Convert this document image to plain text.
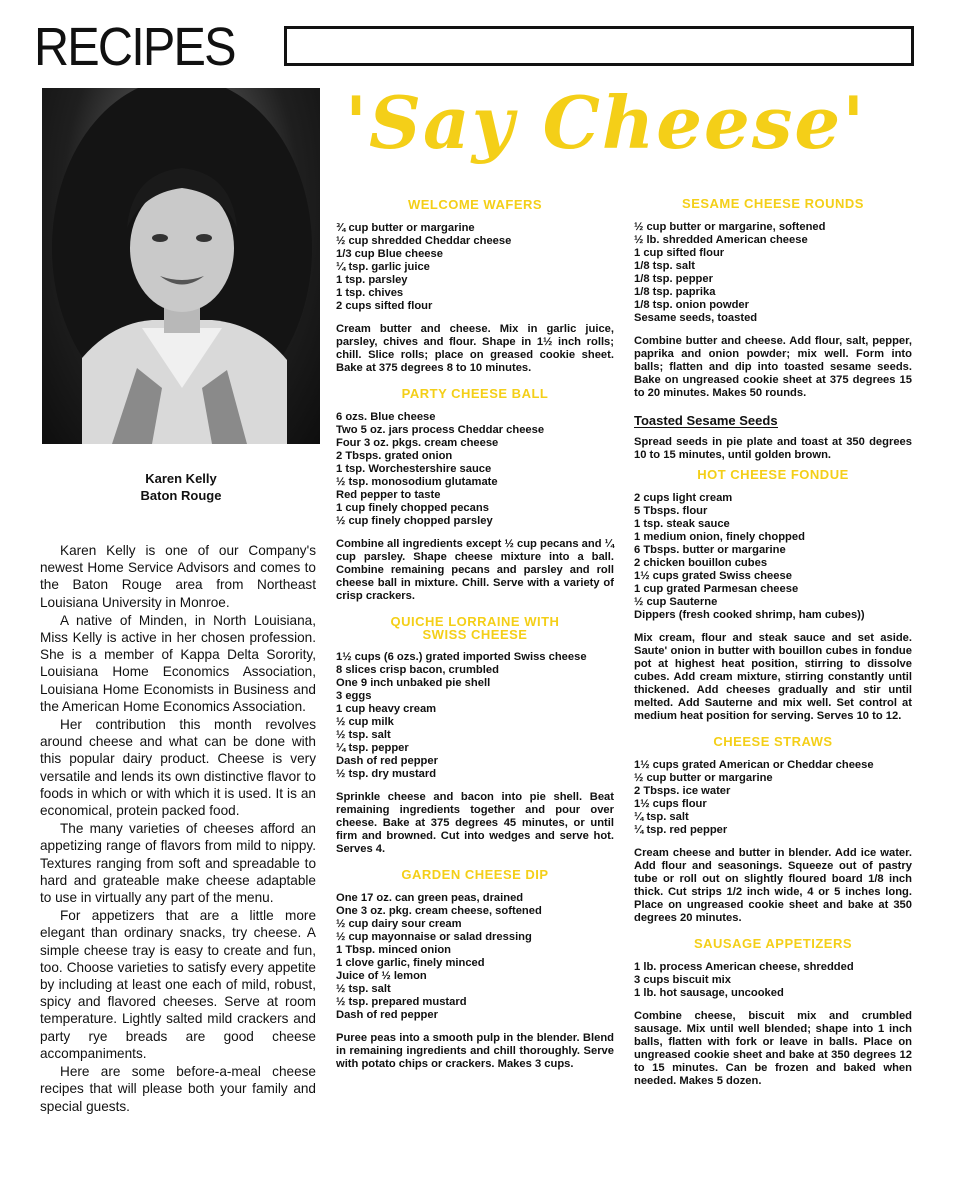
RECIPES
Karen Kelly
Baton Rouge

Karen Kelly is one of our Company's newest Home Service Advisors and comes to the Baton Rouge area from Northeast Louisiana University in Monroe.

A native of Minden, in North Louisiana, Miss Kelly is active in her chosen profession. She is a member of Kappa Delta Sorority, Louisiana Home Economics Association, Louisiana Home Economists in Business and the American Home Economics Association.

Her contribution this month revolves around cheese and what can be done with this popular dairy product. Cheese is very versatile and lends its own distinctive flavor to foods in which or with which it is used. It is an economical, protein packed food.

The many varieties of cheeses afford an appetizing range of flavors from mild to nippy. Textures ranging from soft and spreadable to hard and grateable make cheese adaptable to use in virtually any part of the menu.

For appetizers that are a little more elegant than ordinary snacks, try cheese. A simple cheese tray is easy to create and fun, too. Choose varieties to satisfy every appetite by including at least one each of mild, robust, spicy and flavored cheeses. Serve at room temperature. Lightly salted mild crackers and party rye breads are good cheese accompaniments.

Here are some before-a-meal cheese recipes that will please both your family and special guests.

'Say Cheese'
WELCOME WAFERS
¾ cup butter or margarine
½ cup shredded Cheddar cheese
1/3 cup Blue cheese
¼ tsp. garlic juice
1 tsp. parsley
1 tsp. chives
2 cups sifted flour
Cream butter and cheese. Mix in garlic juice, parsley, chives and flour. Shape in 1½ inch rolls; chill. Slice rolls; place on greased cookie sheet. Bake at 375 degrees 8 to 10 minutes.
PARTY CHEESE BALL
6 ozs. Blue cheese
Two 5 oz. jars process Cheddar cheese
Four 3 oz. pkgs. cream cheese
2 Tbsps. grated onion
1 tsp. Worchestershire sauce
½ tsp. monosodium glutamate
Red pepper to taste
1 cup finely chopped pecans
½ cup finely chopped parsley
Combine all ingredients except ½ cup pecans and ¼ cup parsley. Shape cheese mixture into a ball. Combine remaining pecans and parsley and roll cheese ball in mixture. Chill. Serve with a variety of crisp crackers.
QUICHE LORRAINE WITH SWISS CHEESE
1½ cups (6 ozs.) grated imported Swiss cheese
8 slices crisp bacon, crumbled
One 9 inch unbaked pie shell
3 eggs
1 cup heavy cream
½ cup milk
½ tsp. salt
¼ tsp. pepper
Dash of red pepper
½ tsp. dry mustard
Sprinkle cheese and bacon into pie shell. Beat remaining ingredients together and pour over cheese. Bake at 375 degrees 45 minutes, or until firm and browned. Cut into wedges and serve hot. Serves 4.
GARDEN CHEESE DIP
One 17 oz. can green peas, drained
One 3 oz. pkg. cream cheese, softened
½ cup dairy sour cream
½ cup mayonnaise or salad dressing
1 Tbsp. minced onion
1 clove garlic, finely minced
Juice of ½ lemon
½ tsp. salt
½ tsp. prepared mustard
Dash of red pepper
Puree peas into a smooth pulp in the blender. Blend in remaining ingredients and chill thoroughly. Serve with potato chips or crackers. Makes 3 cups.
SESAME CHEESE ROUNDS
½ cup butter or margarine, softened
½ lb. shredded American cheese
1 cup sifted flour
1/8 tsp. salt
1/8 tsp. pepper
1/8 tsp. paprika
1/8 tsp. onion powder
Sesame seeds, toasted
Combine butter and cheese. Add flour, salt, pepper, paprika and onion powder; mix well. Form into balls; flatten and dip into toasted sesame seeds. Bake on ungreased cookie sheet at 375 degrees 15 to 20 minutes. Makes 50 rounds.
Toasted Sesame Seeds
Spread seeds in pie plate and toast at 350 degrees 10 to 15 minutes, until golden brown.
HOT CHEESE FONDUE
2 cups light cream
5 Tbsps. flour
1 tsp. steak sauce
1 medium onion, finely chopped
6 Tbsps. butter or margarine
2 chicken bouillon cubes
1½ cups grated Swiss cheese
1 cup grated Parmesan cheese
½ cup Sauterne
Dippers (fresh cooked shrimp, ham cubes))
Mix cream, flour and steak sauce and set aside. Saute' onion in butter with bouillon cubes in fondue pot at highest heat position, stirring to dissolve cubes. Add cream mixture, stirring constantly until thickened. Add cheeses gradually and stir until melted. Add Sauterne and mix well. Set control at medium heat position for serving. Serves 10 to 12.
CHEESE STRAWS
1½ cups grated American or Cheddar cheese
½ cup butter or margarine
2 Tbsps. ice water
1½ cups flour
¼ tsp. salt
¼ tsp. red pepper
Cream cheese and butter in blender. Add ice water. Add flour and seasonings. Squeeze out of pastry tube or roll out on slightly floured board 1/8 inch thick. Cut strips 1/2 inch wide, 4 or 5 inches long. Place on ungreased cookie sheet and bake at 350 degrees 20 minutes.
SAUSAGE APPETIZERS
1 lb. process American cheese, shredded
3 cups biscuit mix
1 lb. hot sausage, uncooked
Combine cheese, biscuit mix and crumbled sausage. Mix until well blended; shape into 1 inch balls, flatten with fork or leave in balls. Place on ungreased cookie sheet and bake at 350 degrees 12 to 15 minutes. Can be frozen and baked when needed. Makes 5 dozen.
